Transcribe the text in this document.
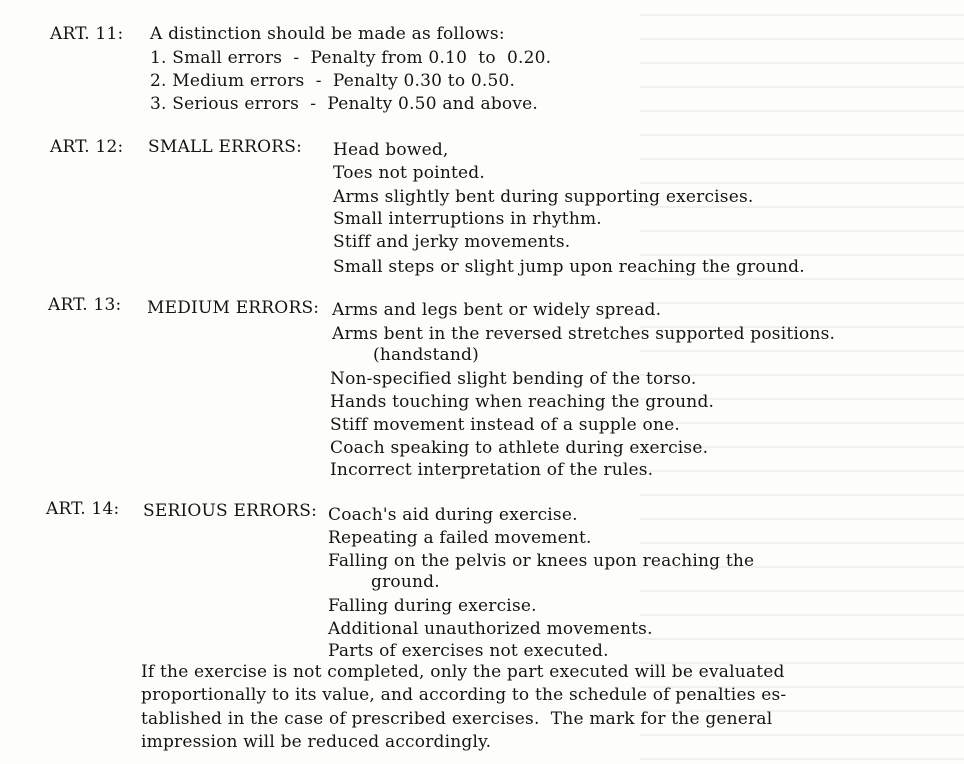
ART. 11: A distinction should be made as follows:
1. Small errors  -  Penalty from 0.10  to  0.20.
2. Medium errors  -  Penalty 0.30 to 0.50.
3. Serious errors  -  Penalty 0.50 and above.
ART. 12: SMALL ERRORS: Head bowed,
Toes not pointed.
Arms slightly bent during supporting exercises.
Small interruptions in rhythm.
Stiff and jerky movements.
Small steps or slight jump upon reaching the ground.
ART. 13: MEDIUM ERRORS: Arms and legs bent or widely spread.
Arms bent in the reversed stretches supported positions.
(handstand)
Non-specified slight bending of the torso.
Hands touching when reaching the ground.
Stiff movement instead of a supple one.
Coach speaking to athlete during exercise.
Incorrect interpretation of the rules.
ART. 14: SERIOUS ERRORS: Coach's aid during exercise.
Repeating a failed movement.
Falling on the pelvis or knees upon reaching the
ground.
Falling during exercise.
Additional unauthorized movements.
Parts of exercises not executed.
If the exercise is not completed, only the part executed will be evaluated
proportionally to its value, and according to the schedule of penalties es-
tablished in the case of prescribed exercises.  The mark for the general
impression will be reduced accordingly.
